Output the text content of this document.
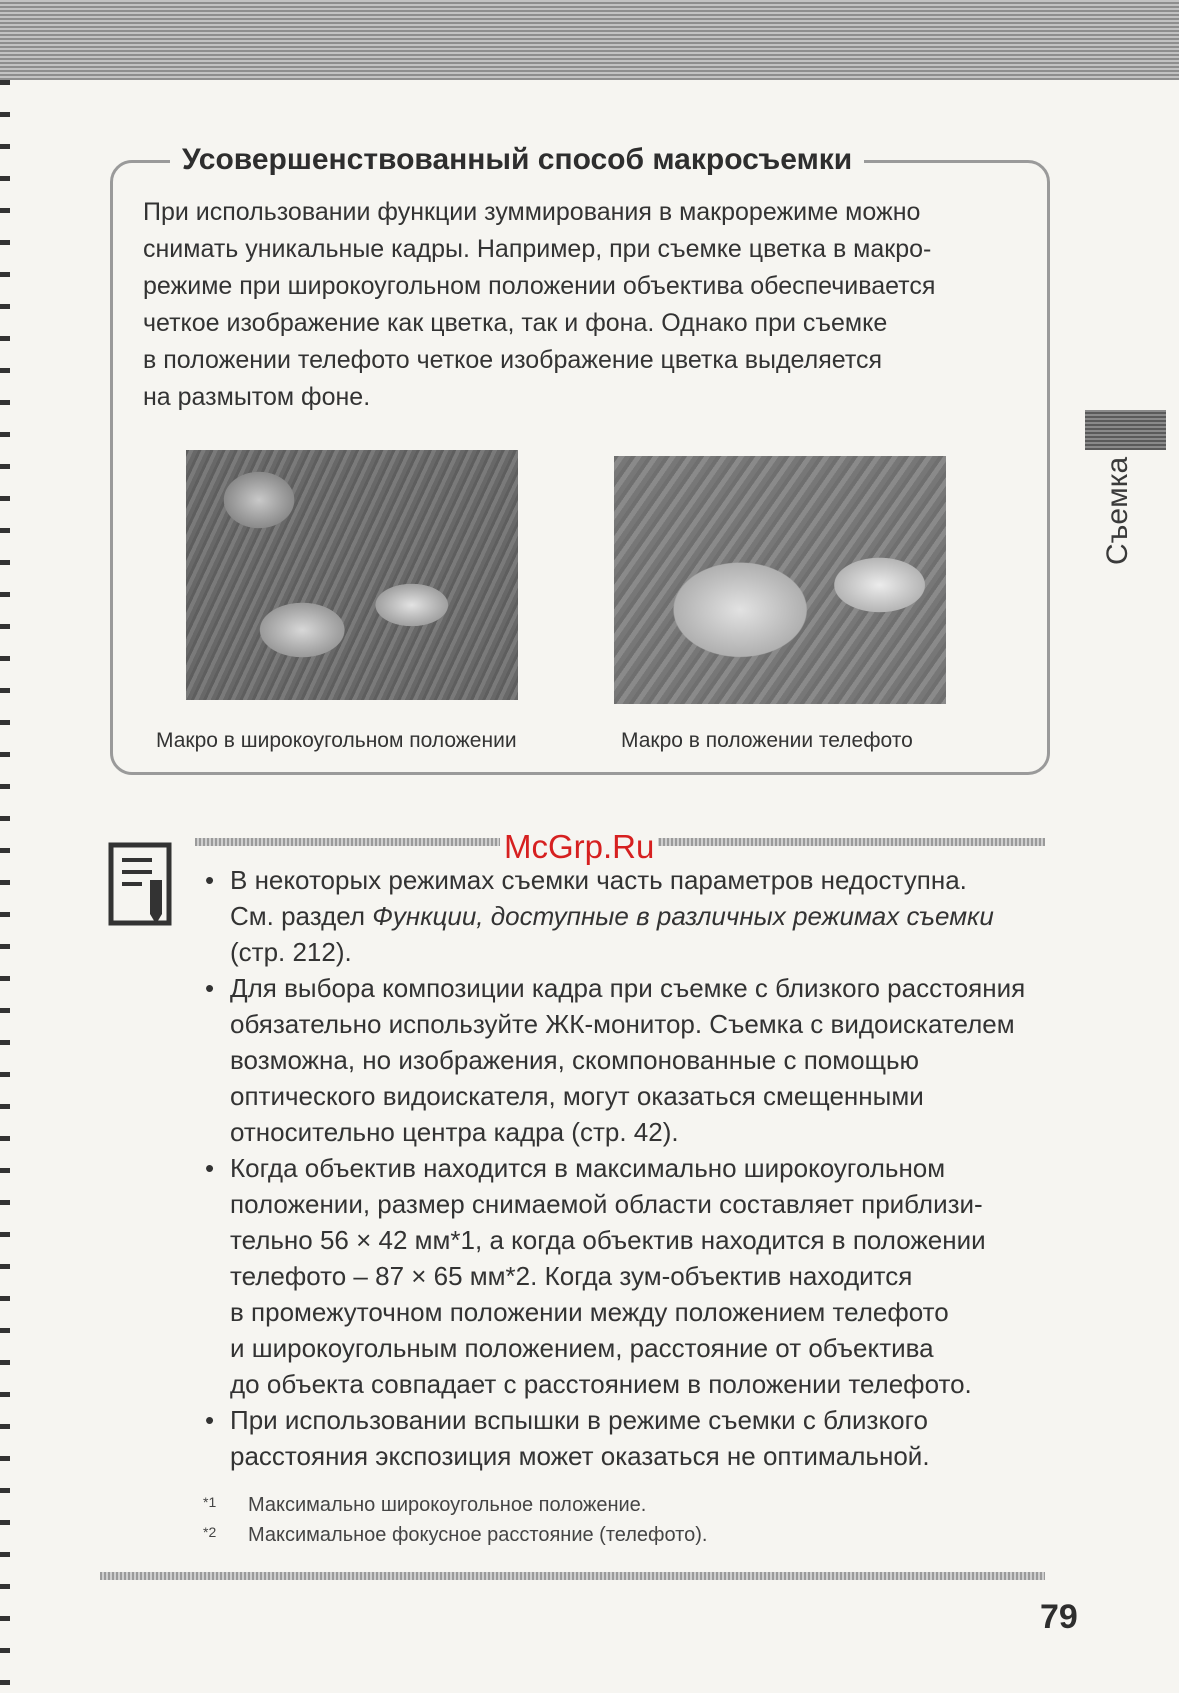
Съемка
Усовершенствованный способ макросъемки
При использовании функции зуммирования в макрорежиме можно
снимать уникальные кадры. Например, при съемке цветка в макро-
режиме при широкоугольном положении объектива обеспечивается
четкое изображение как цветка, так и фона. Однако при съемке
в положении телефото четкое изображение цветка выделяется
на размытом фоне.
Макро в широкоугольном положении	Макро в положении телефото
McGrp.Ru
• В некоторых режимах съемки часть параметров недоступна.
См. раздел Функции, доступные в различных режимах съемки
(стр. 212).
• Для выбора композиции кадра при съемке с близкого расстояния
обязательно используйте ЖК-монитор. Съемка с видоискателем
возможна, но изображения, скомпонованные с помощью
оптического видоискателя, могут оказаться смещенными
относительно центра кадра (стр. 42).
• Когда объектив находится в максимально широкоугольном
положении, размер снимаемой области составляет приблизи-
тельно 56 × 42 мм*1, а когда объектив находится в положении
телефото – 87 × 65 мм*2. Когда зум-объектив находится
в промежуточном положении между положением телефото
и широкоугольным положением, расстояние от объектива
до объекта совпадает с расстоянием в положении телефото.
• При использовании вспышки в режиме съемки с близкого
расстояния экспозиция может оказаться не оптимальной.
*1 Максимально широкоугольное положение.
*2 Максимальное фокусное расстояние (телефото).
79
